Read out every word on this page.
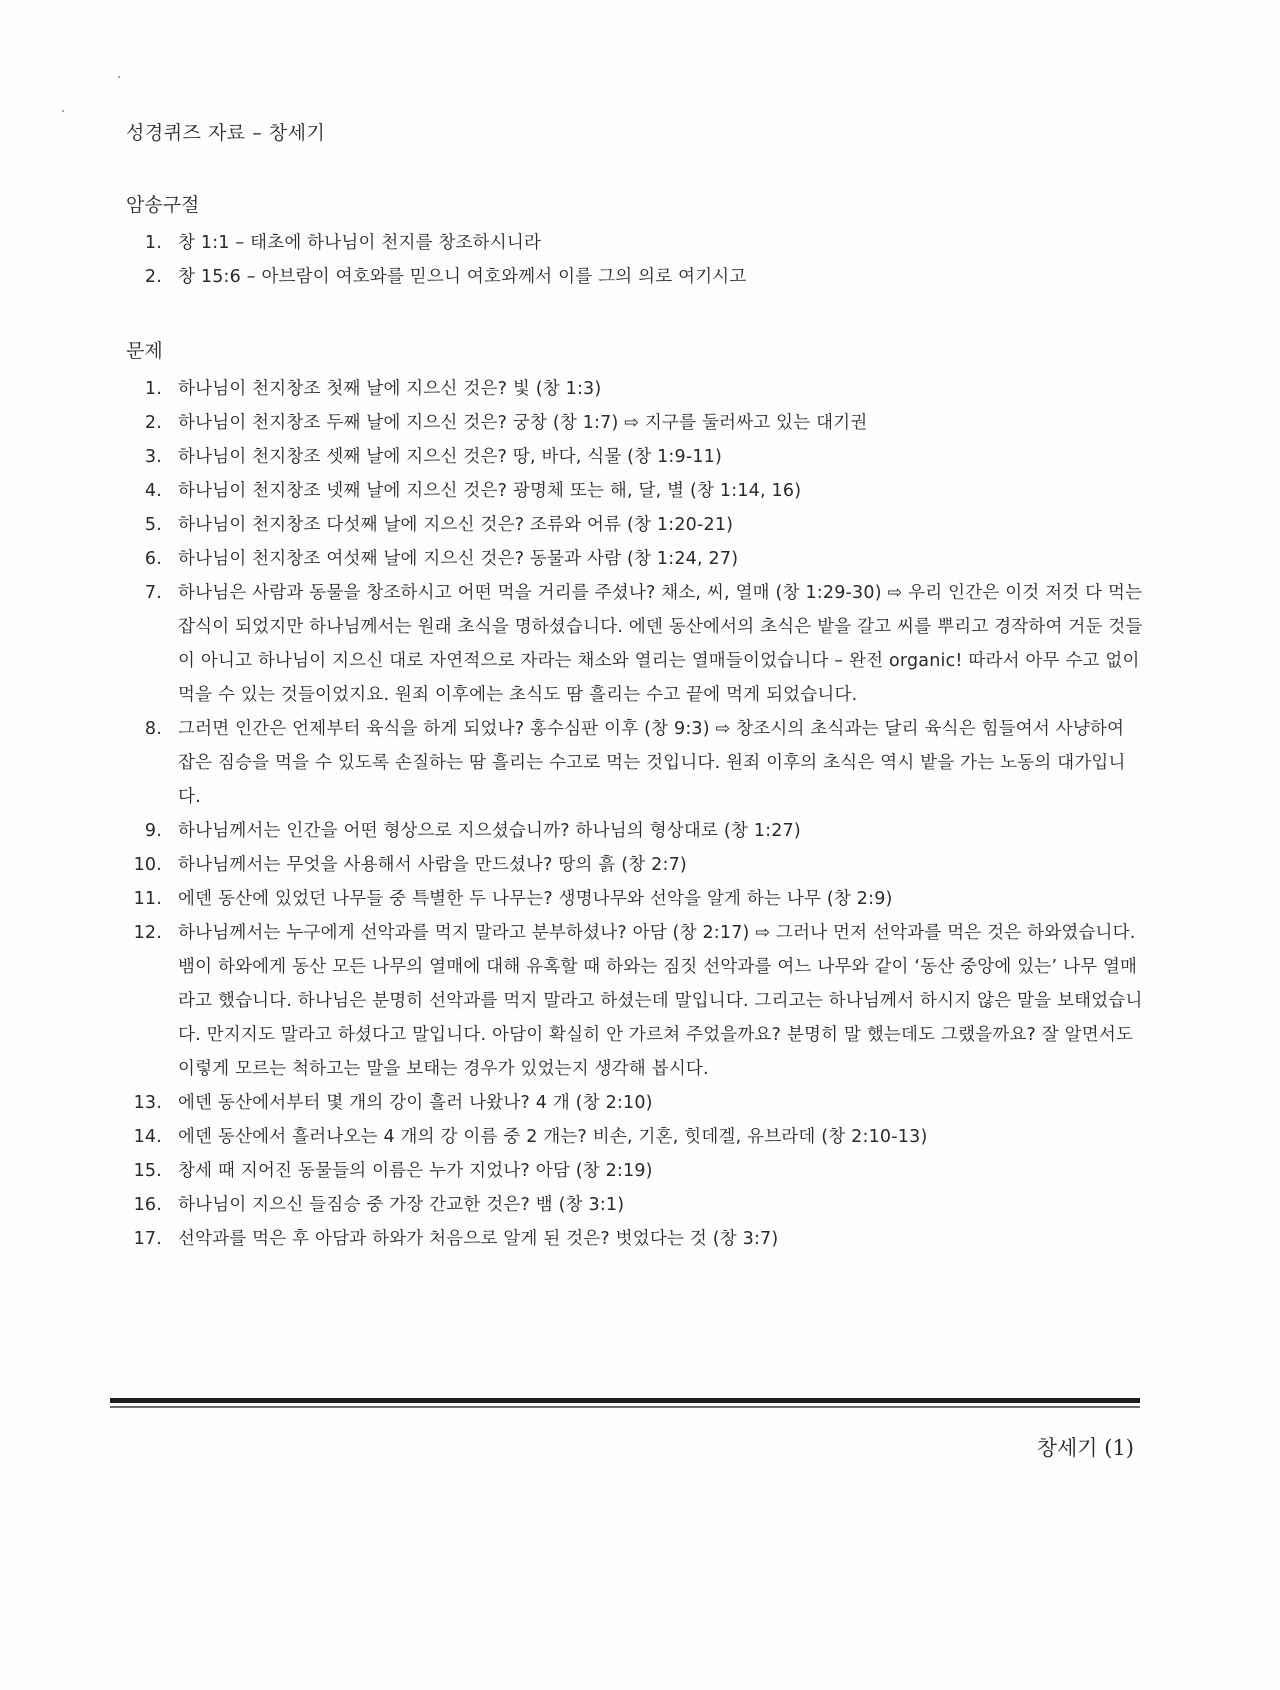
성경퀴즈 자료 – 창세기
암송구절
1. 창 1:1 – 태초에 하나님이 천지를 창조하시니라
2. 창 15:6 – 아브람이 여호와를 믿으니 여호와께서 이를 그의 의로 여기시고
문제
1. 하나님이 천지창조 첫째 날에 지으신 것은? 빛 (창 1:3)
2. 하나님이 천지창조 두째 날에 지으신 것은? 궁창 (창 1:7) ⇨ 지구를 둘러싸고 있는 대기권
3. 하나님이 천지창조 셋째 날에 지으신 것은? 땅, 바다, 식물 (창 1:9-11)
4. 하나님이 천지창조 넷째 날에 지으신 것은? 광명체 또는 해, 달, 별 (창 1:14, 16)
5. 하나님이 천지창조 다섯째 날에 지으신 것은? 조류와 어류 (창 1:20-21)
6. 하나님이 천지창조 여섯째 날에 지으신 것은? 동물과 사람 (창 1:24, 27)
7. 하나님은 사람과 동물을 창조하시고 어떤 먹을 거리를 주셨나? 채소, 씨, 열매 (창 1:29-30) ⇨ 우리 인간은 이것 저것 다 먹는 잡식이 되었지만 하나님께서는 원래 초식을 명하셨습니다. 에덴 동산에서의 초식은 밭을 갈고 씨를 뿌리고 경작하여 거둔 것들이 아니고 하나님이 지으신 대로 자연적으로 자라는 채소와 열리는 열매들이었습니다 – 완전 organic! 따라서 아무 수고 없이 먹을 수 있는 것들이었지요. 원죄 이후에는 초식도 땀 흘리는 수고 끝에 먹게 되었습니다.
8. 그러면 인간은 언제부터 육식을 하게 되었나? 홍수심판 이후 (창 9:3) ⇨ 창조시의 초식과는 달리 육식은 힘들여서 사냥하여 잡은 짐승을 먹을 수 있도록 손질하는 땀 흘리는 수고로 먹는 것입니다. 원죄 이후의 초식은 역시 밭을 가는 노동의 대가입니다.
9. 하나님께서는 인간을 어떤 형상으로 지으셨습니까? 하나님의 형상대로 (창 1:27)
10. 하나님께서는 무엇을 사용해서 사람을 만드셨나? 땅의 흙 (창 2:7)
11. 에덴 동산에 있었던 나무들 중 특별한 두 나무는? 생명나무와 선악을 알게 하는 나무 (창 2:9)
12. 하나님께서는 누구에게 선악과를 먹지 말라고 분부하셨나? 아담 (창 2:17) ⇨ 그러나 먼저 선악과를 먹은 것은 하와였습니다. 뱀이 하와에게 동산 모든 나무의 열매에 대해 유혹할 때 하와는 짐짓 선악과를 여느 나무와 같이 ‘동산 중앙에 있는’ 나무 열매라고 했습니다. 하나님은 분명히 선악과를 먹지 말라고 하셨는데 말입니다. 그리고는 하나님께서 하시지 않은 말을 보태었습니다. 만지지도 말라고 하셨다고 말입니다. 아담이 확실히 안 가르쳐 주었을까요? 분명히 말 했는데도 그랬을까요? 잘 알면서도 이렇게 모르는 척하고는 말을 보태는 경우가 있었는지 생각해 봅시다.
13. 에덴 동산에서부터 몇 개의 강이 흘러 나왔나? 4 개 (창 2:10)
14. 에덴 동산에서 흘러나오는 4 개의 강 이름 중 2 개는? 비손, 기혼, 힛데겔, 유브라데 (창 2:10-13)
15. 창세 때 지어진 동물들의 이름은 누가 지었나? 아담 (창 2:19)
16. 하나님이 지으신 들짐승 중 가장 간교한 것은? 뱀 (창 3:1)
17. 선악과를 먹은 후 아담과 하와가 처음으로 알게 된 것은? 벗었다는 것 (창 3:7)
창세기 (1)
